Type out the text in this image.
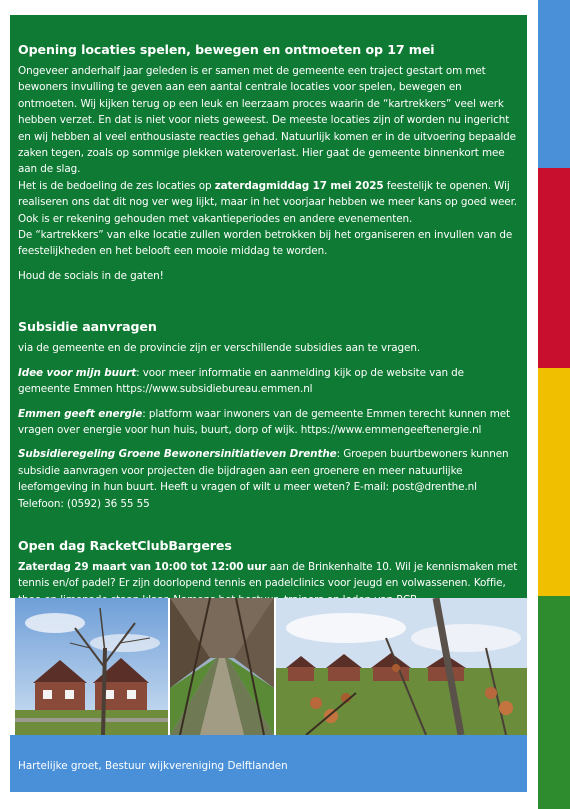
Opening locaties spelen, bewegen en ontmoeten op 17 mei

Ongeveer anderhalf jaar geleden is er samen met de gemeente een traject gestart om met bewoners invulling te geven aan een aantal centrale locaties voor spelen, bewegen en ontmoeten. Wij kijken terug op een leuk en leerzaam proces waarin de “kartrekkers” veel werk hebben verzet. En dat is niet voor niets geweest. De meeste locaties zijn of worden nu ingericht en wij hebben al veel enthousiaste reacties gehad. Natuurlijk komen er in de uitvoering bepaalde zaken tegen, zoals op sommige plekken wateroverlast. Hier gaat de gemeente binnenkort mee aan de slag.

Het is de bedoeling de zes locaties op zaterdagmiddag 17 mei 2025 feestelijk te openen. Wij realiseren ons dat dit nog ver weg lijkt, maar in het voorjaar hebben we meer kans op goed weer. Ook is er rekening gehouden met vakantieperiodes en andere evenementen.

De “kartrekkers” van elke locatie zullen worden betrokken bij het organiseren en invullen van de feestelijkheden en het belooft een mooie middag te worden.

Houd de socials in de gaten!

Subsidie aanvragen

via de gemeente en de provincie zijn er verschillende subsidies aan te vragen.

Idee voor mijn buurt: voor meer informatie en aanmelding kijk op de website van de gemeente Emmen https://www.subsidiebureau.emmen.nl

Emmen geeft energie: platform waar inwoners van de gemeente Emmen terecht kunnen met vragen over energie voor hun huis, buurt, dorp of wijk. https://www.emmengeeftenergie.nl

Subsidieregeling Groene Bewonersinitiatieven Drenthe: Groepen buurtbewoners kunnen subsidie aanvragen voor projecten die bijdragen aan een groenere en meer natuurlijke leefomgeving in hun buurt. Heeft u vragen of wilt u meer weten? E-mail: post@drenthe.nl Telefoon: (0592) 36 55 55

Open dag RacketClubBargeres

Zaterdag 29 maart van 10:00 tot 12:00 uur aan de Brinkenhalte 10. Wil je kennismaken met tennis en/of padel? Er zijn doorlopend tennis en padelclinics voor jeugd en volwassenen. Koffie,

Hartelijke groet, Bestuur wijkvereniging Delftlanden
